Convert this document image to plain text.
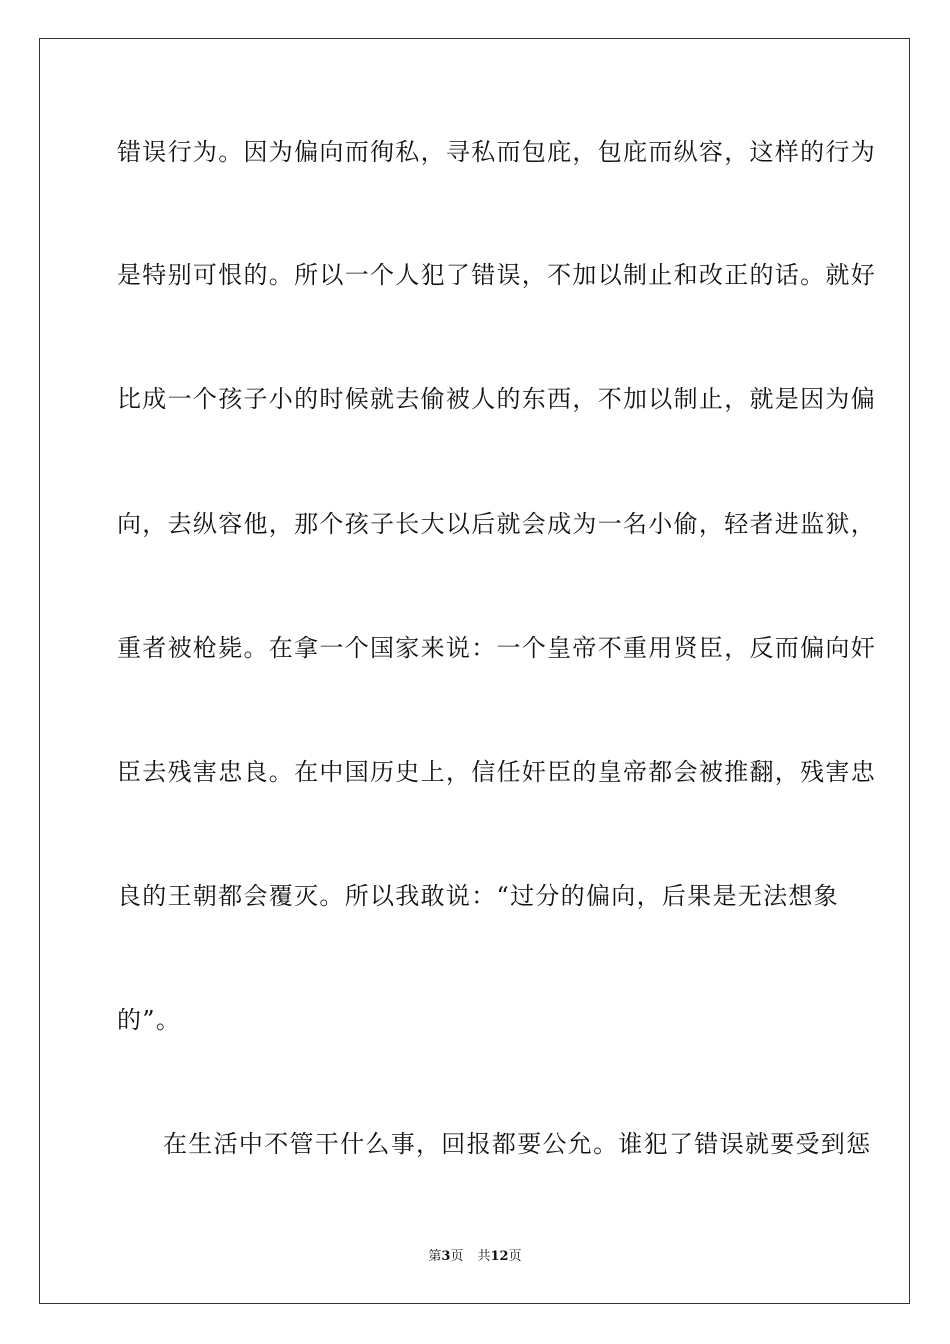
错误行为。因为偏向而徇私，寻私而包庇，包庇而纵容，这样的行为
是特别可恨的。所以一个人犯了错误，不加以制止和改正的话。就好
比成一个孩子小的时候就去偷被人的东西，不加以制止，就是因为偏
向，去纵容他，那个孩子长大以后就会成为一名小偷，轻者进监狱，
重者被枪毙。在拿一个国家来说：一个皇帝不重用贤臣，反而偏向奸
臣去残害忠良。在中国历史上，信任奸臣的皇帝都会被推翻，残害忠
良的王朝都会覆灭。所以我敢说：“过分的偏向，后果是无法想象
的”。
在生活中不管干什么事，回报都要公允。谁犯了错误就要受到惩
第3页 共12页
